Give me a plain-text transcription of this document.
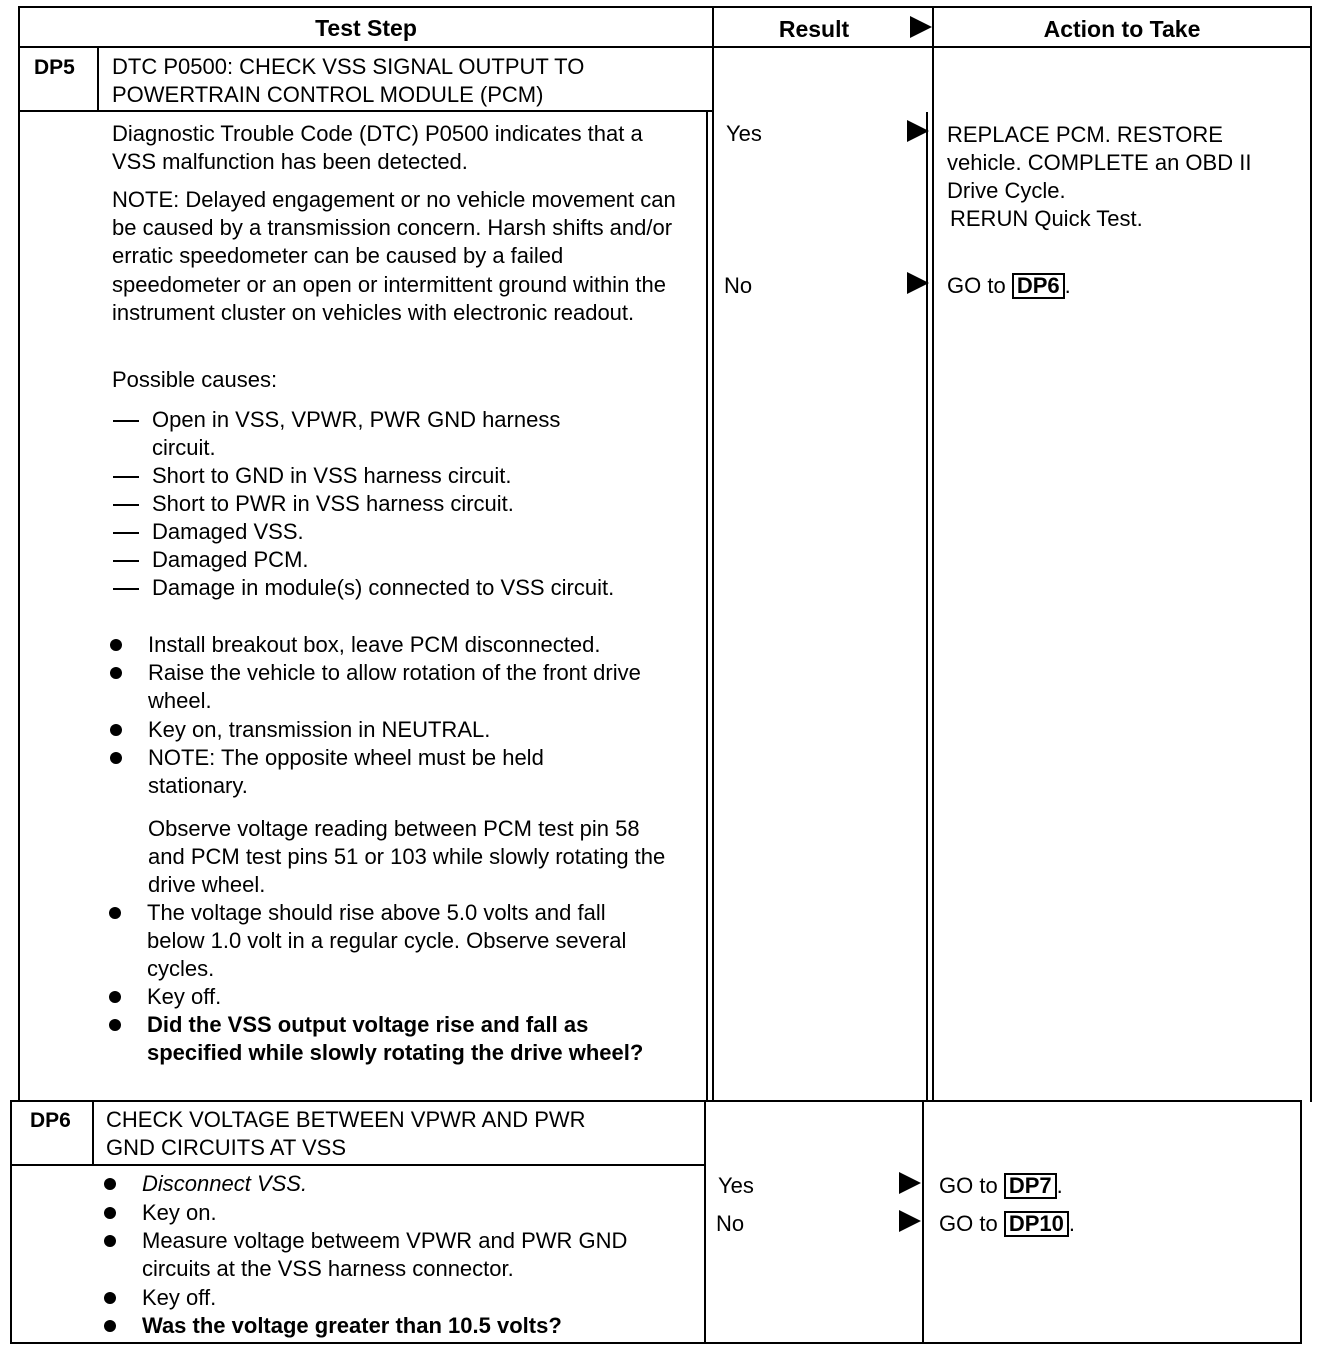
Test Step	Result	Action to Take
DP5 DTC P0500: CHECK VSS SIGNAL OUTPUT TO
POWERTRAIN CONTROL MODULE (PCM)

Diagnostic Trouble Code (DTC) P0500 indicates that a VSS malfunction has been detected.

NOTE: Delayed engagement or no vehicle movement can be caused by a transmission concern. Harsh shifts and/or erratic speedometer can be caused by a failed speedometer or an open or intermittent ground within the instrument cluster on vehicles with electronic readout.

Possible causes:
Open in VSS, VPWR, PWR GND harness circuit.
Short to GND in VSS harness circuit.
Short to PWR in VSS harness circuit.
Damaged VSS.
Damaged PCM.
Damage in module(s) connected to VSS circuit.
Install breakout box, leave PCM disconnected.
Raise the vehicle to allow rotation of the front drive wheel.
Key on, transmission in NEUTRAL.
NOTE: The opposite wheel must be held stationary.

Observe voltage reading between PCM test pin 58 and PCM test pins 51 or 103 while slowly rotating the drive wheel.

The voltage should rise above 5.0 volts and fall below 1.0 volt in a regular cycle. Observe several cycles.
Key off.
Did the VSS output voltage rise and fall as specified while slowly rotating the drive wheel?
Yes
No
REPLACE PCM. RESTORE
vehicle. COMPLETE an OBD II
Drive Cycle.
RERUN Quick Test.
GO to DP6 .
DP6 CHECK VOLTAGE BETWEEN VPWR AND PWR
GND CIRCUITS AT VSS
Disconnect VSS.
Key on.
Measure voltage betweem VPWR and PWR GND circuits at the VSS harness connector.
Key off.
Was the voltage greater than 10.5 volts?
Yes
No
GO to DP7 .
GO to DP10 .
